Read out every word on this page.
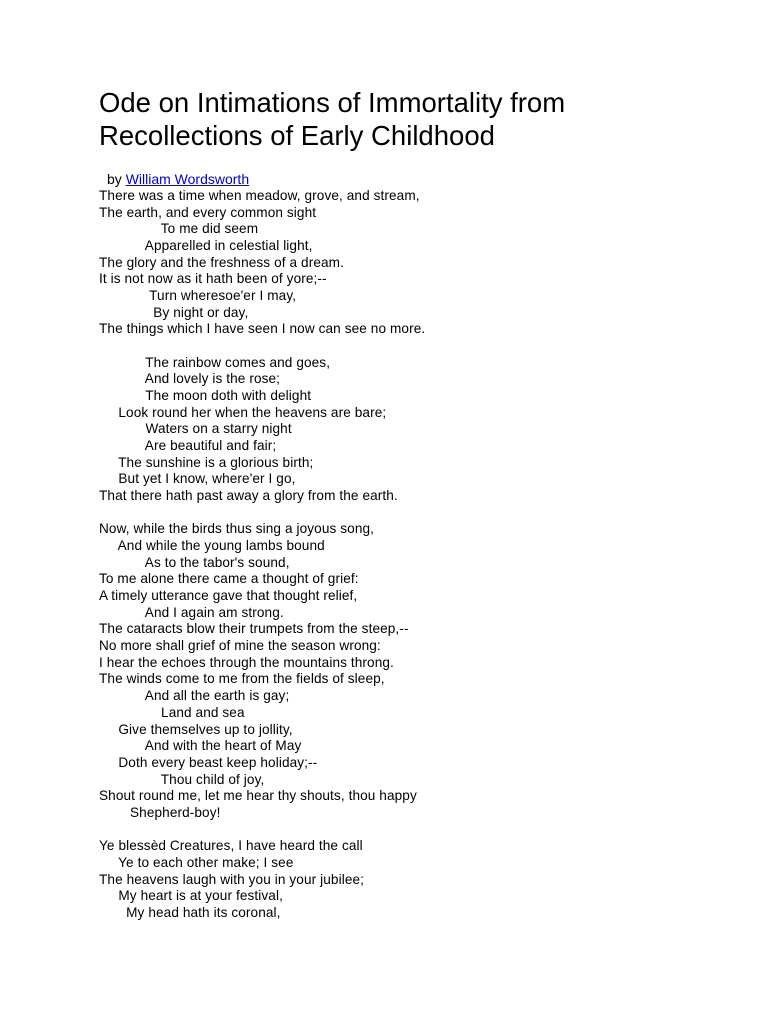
Ode on Intimations of Immortality from Recollections of Early Childhood
by William Wordsworth
There was a time when meadow, grove, and stream,
The earth, and every common sight
To me did seem
Apparelled in celestial light,
The glory and the freshness of a dream.
It is not now as it hath been of yore;--
Turn wheresoe'er I may,
By night or day,
The things which I have seen I now can see no more.
The rainbow comes and goes,
And lovely is the rose;
The moon doth with delight
Look round her when the heavens are bare;
Waters on a starry night
Are beautiful and fair;
The sunshine is a glorious birth;
But yet I know, where'er I go,
That there hath past away a glory from the earth.
Now, while the birds thus sing a joyous song,
And while the young lambs bound
As to the tabor's sound,
To me alone there came a thought of grief:
A timely utterance gave that thought relief,
And I again am strong.
The cataracts blow their trumpets from the steep,--
No more shall grief of mine the season wrong:
I hear the echoes through the mountains throng.
The winds come to me from the fields of sleep,
And all the earth is gay;
Land and sea
Give themselves up to jollity,
And with the heart of May
Doth every beast keep holiday;--
Thou child of joy,
Shout round me, let me hear thy shouts, thou happy
Shepherd-boy!
Ye blessèd Creatures, I have heard the call
Ye to each other make; I see
The heavens laugh with you in your jubilee;
My heart is at your festival,
My head hath its coronal,
